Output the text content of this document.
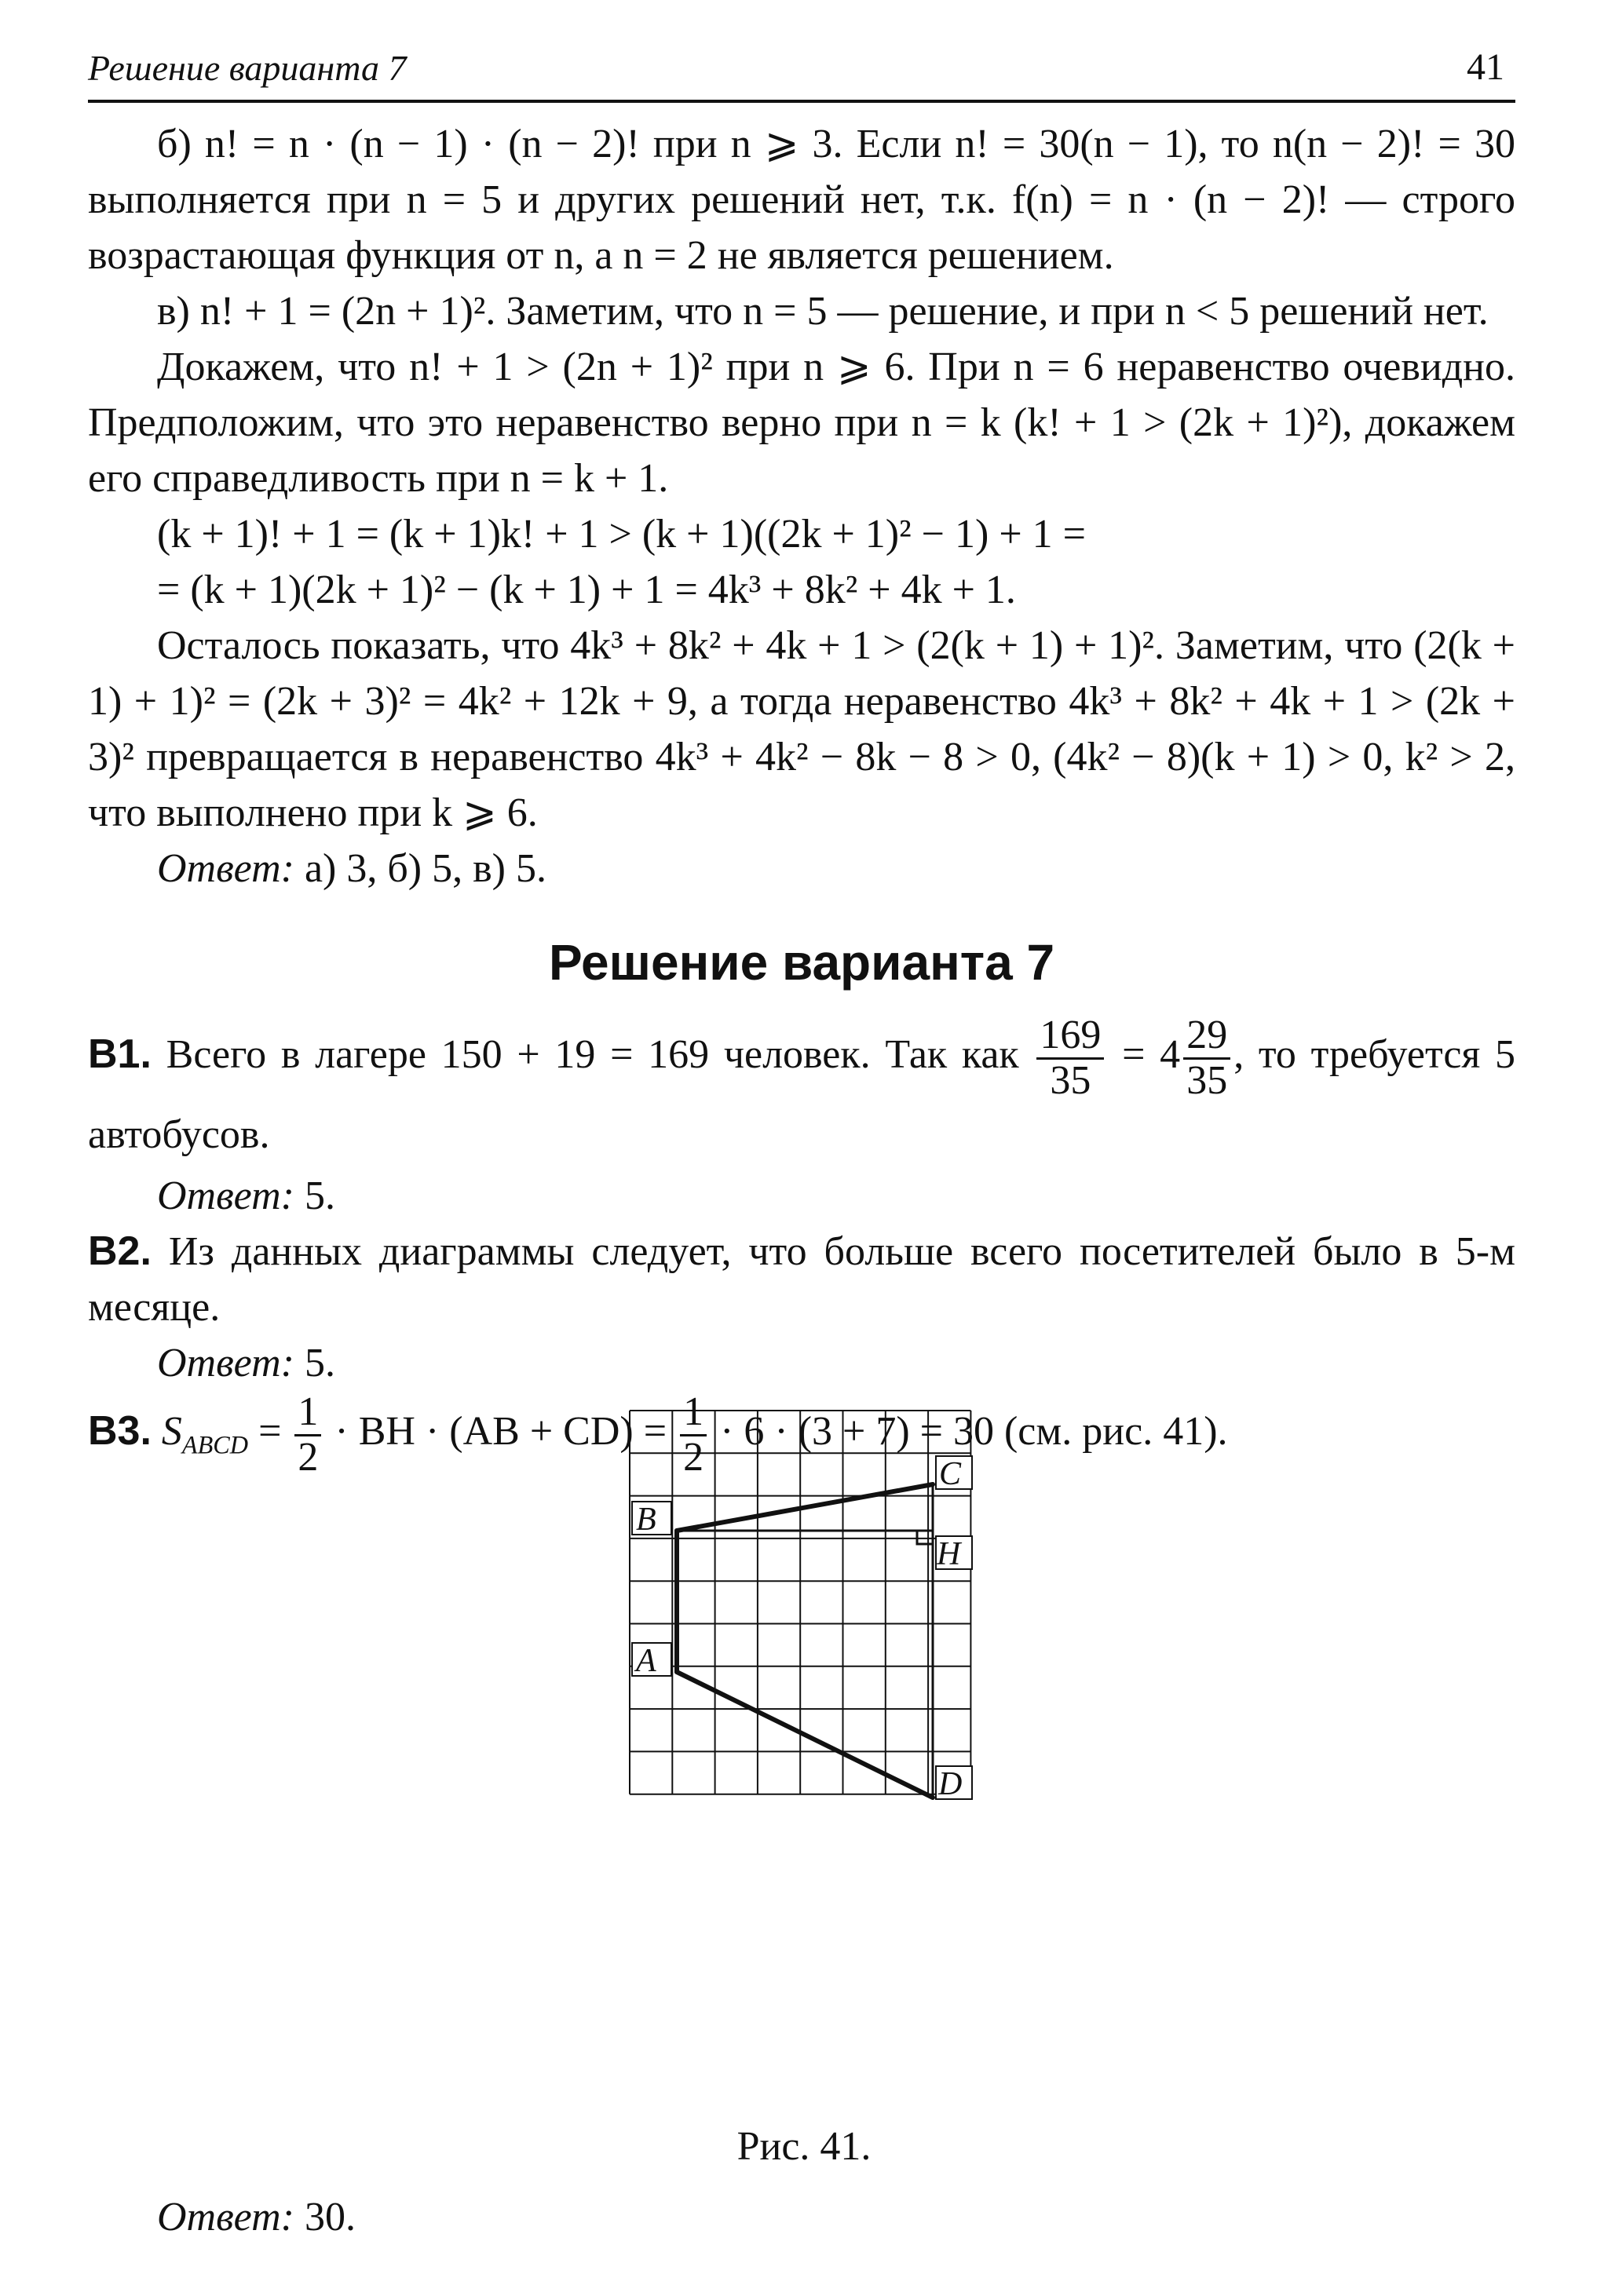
Решение варианта 7	41

б) n! = n · (n − 1) · (n − 2)! при n ⩾ 3. Если n! = 30(n − 1), то n(n − 2)! = 30 выполняется при n = 5 и других решений нет, т.к. f(n) = n · (n − 2)! — строго возрастающая функция от n, а n = 2 не является решением.

в) n! + 1 = (2n + 1)². Заметим, что n = 5 — решение, и при n < 5 решений нет.

Докажем, что n! + 1 > (2n + 1)² при n ⩾ 6. При n = 6 неравенство очевидно. Предположим, что это неравенство верно при n = k (k! + 1 > (2k + 1)²), докажем его справедливость при n = k + 1.

(k + 1)! + 1 = (k + 1)k! + 1 > (k + 1)((2k + 1)² − 1) + 1 =
= (k + 1)(2k + 1)² − (k + 1) + 1 = 4k³ + 8k² + 4k + 1.

Осталось показать, что 4k³ + 8k² + 4k + 1 > (2(k + 1) + 1)². Заметим, что (2(k + 1) + 1)² = (2k + 3)² = 4k² + 12k + 9, а тогда неравенство 4k³ + 8k² + 4k + 1 > (2k + 3)² превращается в неравенство 4k³ + 4k² − 8k − 8 > 0, (4k² − 8)(k + 1) > 0, k² > 2, что выполнено при k ⩾ 6.

Ответ: а) 3, б) 5, в) 5.

Решение варианта 7

B1. Всего в лагере 150 + 19 = 169 человек. Так как $\frac{169}{35} = 4 \frac{29}{35}$ , то требуется 5 автобусов.

Ответ: 5.

B2. Из данных диаграммы следует, что больше всего посетителей было в 5-м месяце.

Ответ: 5.

B3. $S_{ABCD} = \frac{1}{2}$ · BH · $(AB + CD) = \frac{1}{2} \cdot 6 \cdot (3 + 7) = 30$ (см. рис. 41).

B
C
H
A
D
Рис. 41.
Ответ: 30.
